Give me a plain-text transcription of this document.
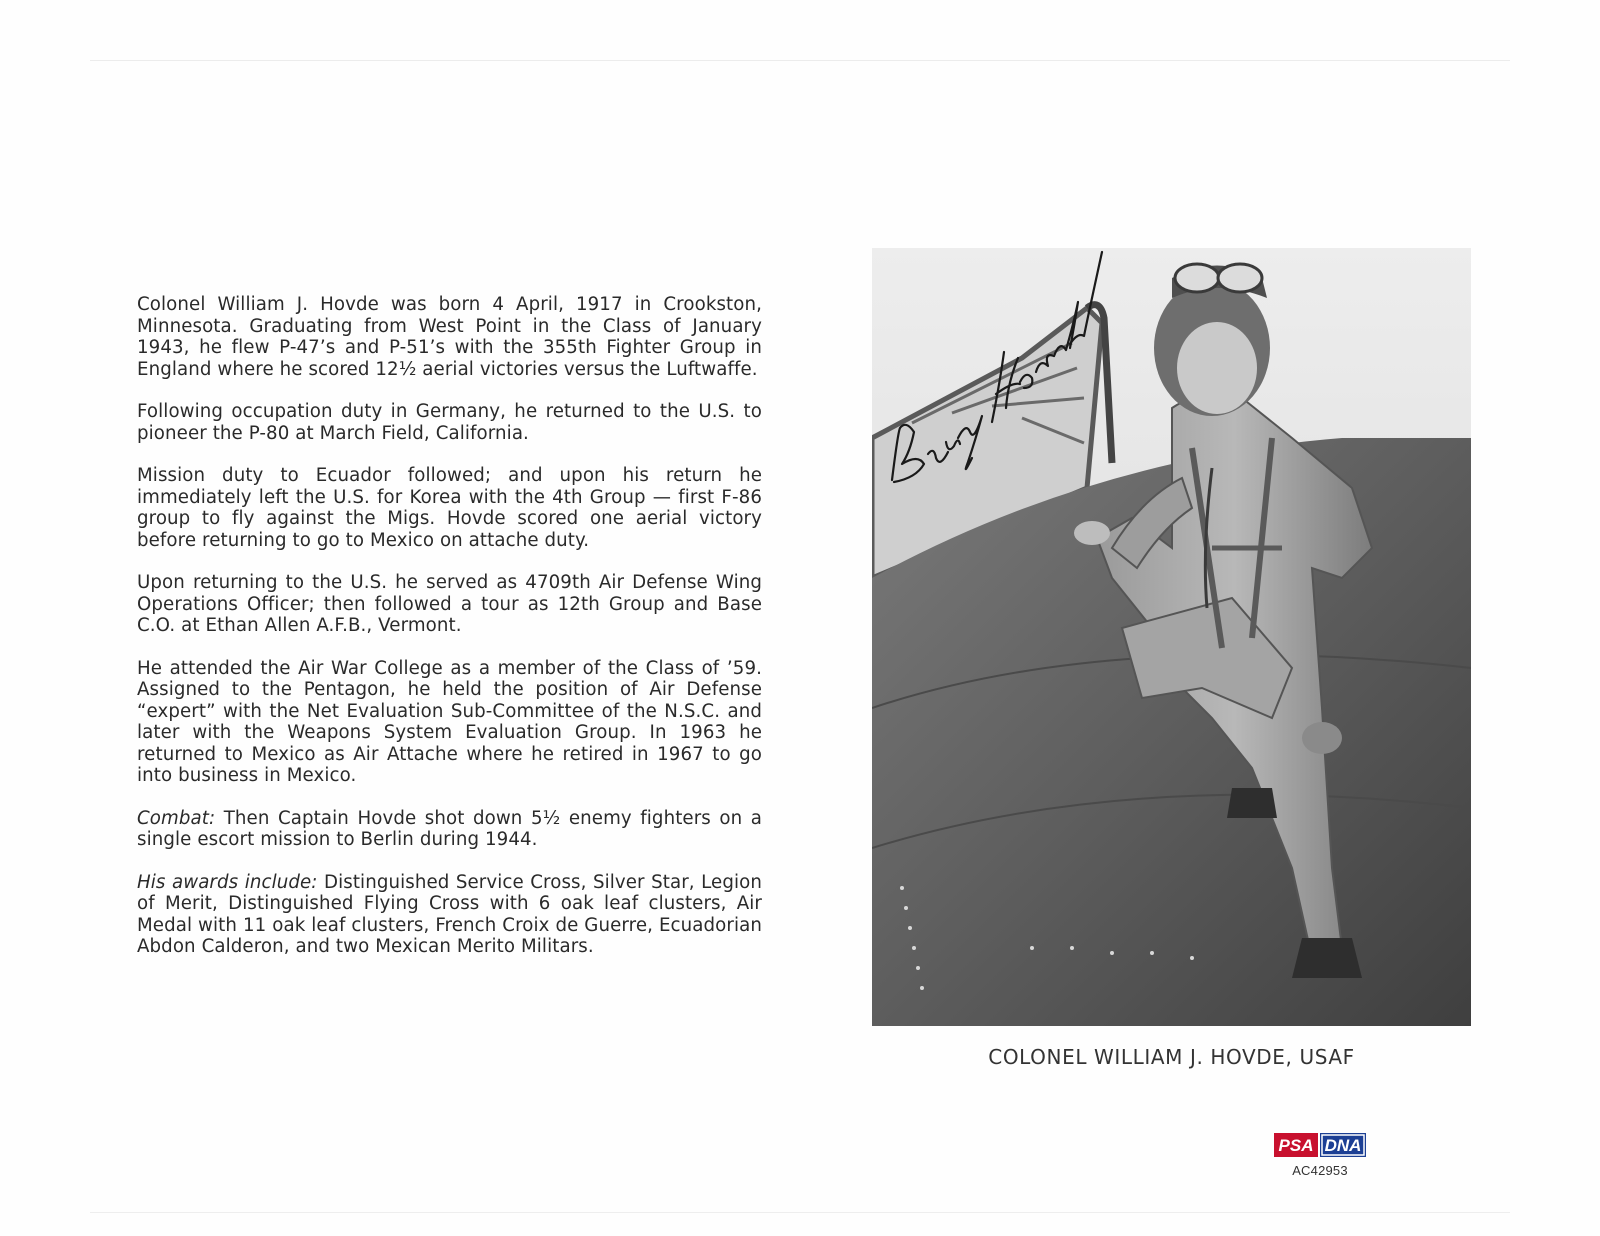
Colonel William J. Hovde was born 4 April, 1917 in Crookston, Minnesota. Graduating from West Point in the Class of January 1943, he flew P-47’s and P-51’s with the 355th Fighter Group in England where he scored 12½ aerial victories versus the Luftwaffe.

Following occupation duty in Germany, he returned to the U.S. to pioneer the P-80 at March Field, California.

Mission duty to Ecuador followed; and upon his return he immediately left the U.S. for Korea with the 4th Group — first F-86 group to fly against the Migs. Hovde scored one aerial victory before returning to go to Mexico on attache duty.

Upon returning to the U.S. he served as 4709th Air Defense Wing Operations Officer; then followed a tour as 12th Group and Base C.O. at Ethan Allen A.F.B., Vermont.

He attended the Air War College as a member of the Class of ’59. Assigned to the Pentagon, he held the position of Air Defense “expert” with the Net Evaluation Sub-Committee of the N.S.C. and later with the Weapons System Evaluation Group. In 1963 he returned to Mexico as Air Attache where he retired in 1967 to go into business in Mexico.

Combat: Then Captain Hovde shot down 5½ enemy fighters on a single escort mission to Berlin during 1944.

His awards include: Distinguished Service Cross, Silver Star, Legion of Merit, Distinguished Flying Cross with 6 oak leaf clusters, Air Medal with 11 oak leaf clusters, French Croix de Guerre, Ecuadorian Abdon Calderon, and two Mexican Merito Militars.

COLONEL WILLIAM J. HOVDE, USAF
PSA DNA
AC42953
